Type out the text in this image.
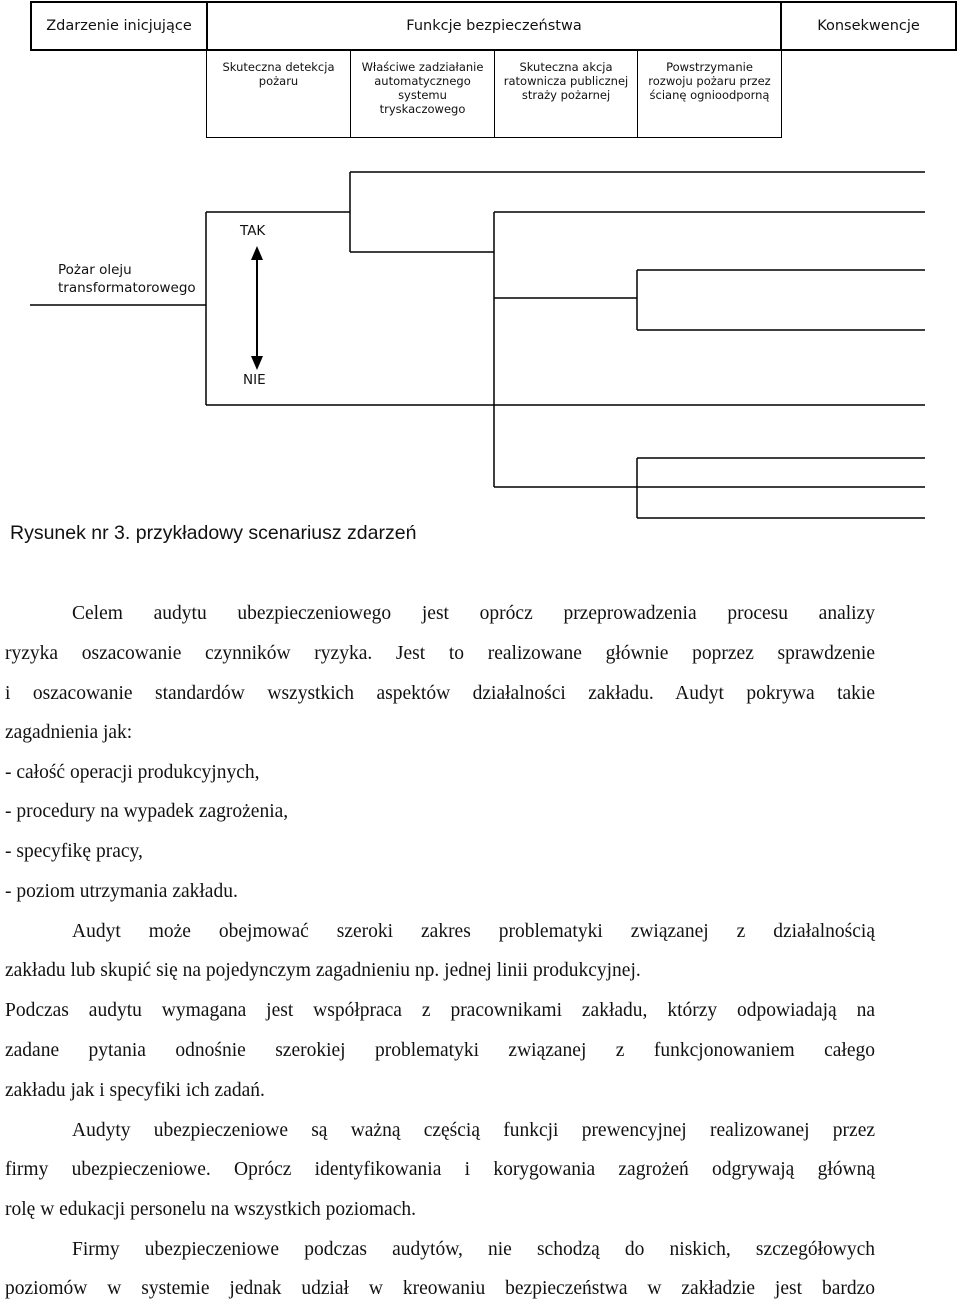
Zdarzenie inicjujące	Funkcje bezpieczeństwa	Konsekwencje
Skuteczna detekcja
pożaru
Właściwe zadziałanie
automatycznego
systemu
tryskaczowego
Skuteczna akcja
ratownicza publicznej
straży pożarnej
Powstrzymanie
rozwoju pożaru przez
ścianę ognioodporną
TAK
NIE
Pożar oleju
transformatorowego
Rysunek nr 3. przykładowy scenariusz zdarzeń
Celem audytu ubezpieczeniowego jest oprócz przeprowadzenia procesu analizy
ryzyka oszacowanie czynników ryzyka. Jest to realizowane głównie poprzez sprawdzenie
i oszacowanie standardów wszystkich aspektów działalności zakładu. Audyt pokrywa takie
zagadnienia jak:
- całość operacji produkcyjnych,
- procedury na wypadek zagrożenia,
- specyfikę pracy,
- poziom utrzymania zakładu.
Audyt może obejmować szeroki zakres problematyki związanej z działalnością
zakładu lub skupić się na pojedynczym zagadnieniu np. jednej linii produkcyjnej.
Podczas audytu wymagana jest współpraca z pracownikami zakładu, którzy odpowiadają na
zadane pytania odnośnie szerokiej problematyki związanej z funkcjonowaniem całego
zakładu jak i specyfiki ich zadań.
Audyty ubezpieczeniowe są ważną częścią funkcji prewencyjnej realizowanej przez
firmy ubezpieczeniowe. Oprócz identyfikowania i korygowania zagrożeń odgrywają główną
rolę w edukacji personelu na wszystkich poziomach.
Firmy ubezpieczeniowe podczas audytów, nie schodzą do niskich, szczegółowych
poziomów w systemie jednak udział w kreowaniu bezpieczeństwa w zakładzie jest bardzo
